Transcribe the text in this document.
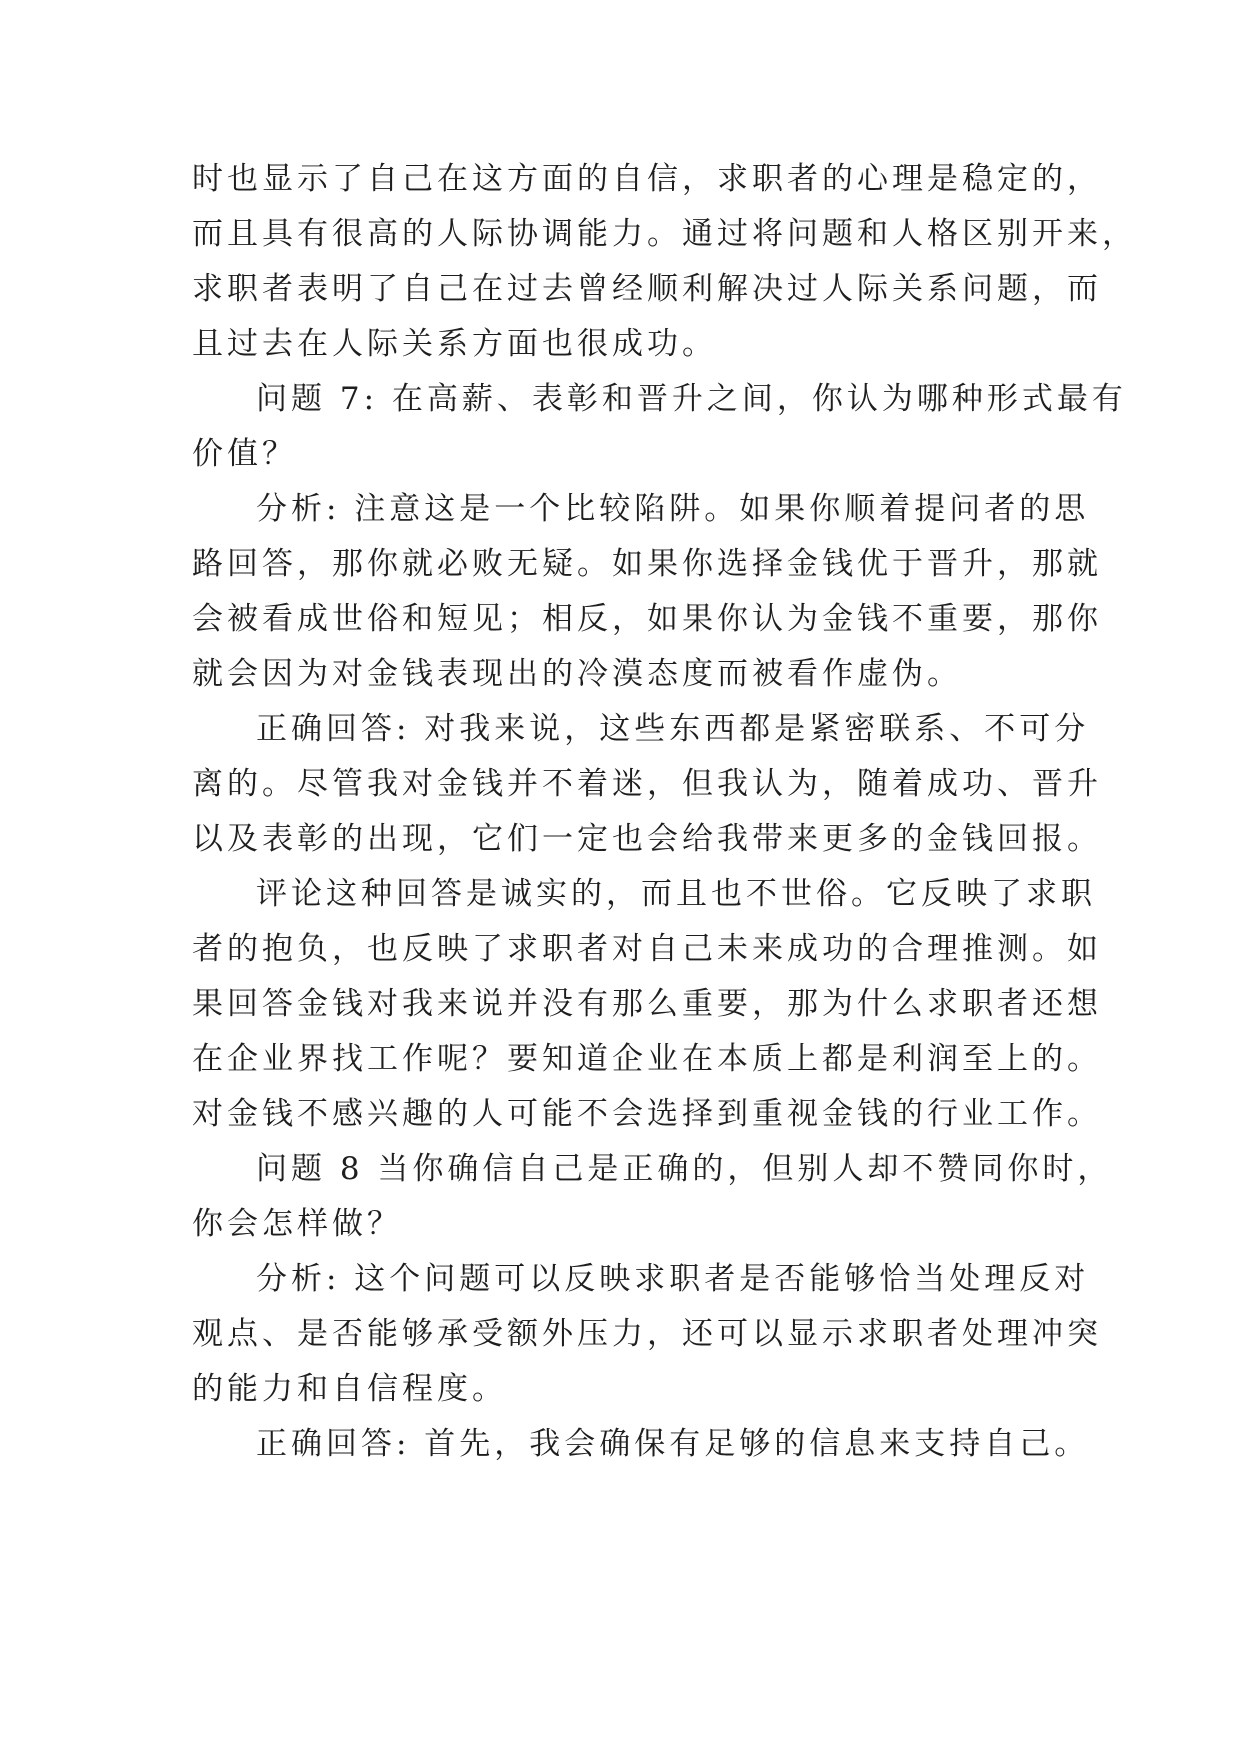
时也显示了自己在这方面的自信，求职者的心理是稳定的，
而且具有很高的人际协调能力。通过将问题和人格区别开来，
求职者表明了自己在过去曾经顺利解决过人际关系问题，而
且过去在人际关系方面也很成功。
问题 7: 在高薪、表彰和晋升之间，你认为哪种形式最有
价值？
分析: 注意这是一个比较陷阱。如果你顺着提问者的思
路回答，那你就必败无疑。如果你选择金钱优于晋升，那就
会被看成世俗和短见；相反，如果你认为金钱不重要，那你
就会因为对金钱表现出的冷漠态度而被看作虚伪。
正确回答: 对我来说，这些东西都是紧密联系、不可分
离的。尽管我对金钱并不着迷，但我认为，随着成功、晋升
以及表彰的出现，它们一定也会给我带来更多的金钱回报。
评论这种回答是诚实的，而且也不世俗。它反映了求职
者的抱负，也反映了求职者对自己未来成功的合理推测。如
果回答金钱对我来说并没有那么重要，那为什么求职者还想
在企业界找工作呢？要知道企业在本质上都是利润至上的。
对金钱不感兴趣的人可能不会选择到重视金钱的行业工作。
问题 8 当你确信自己是正确的，但别人却不赞同你时，
你会怎样做？
分析: 这个问题可以反映求职者是否能够恰当处理反对
观点、是否能够承受额外压力，还可以显示求职者处理冲突
的能力和自信程度。
正确回答: 首先，我会确保有足够的信息来支持自己。
